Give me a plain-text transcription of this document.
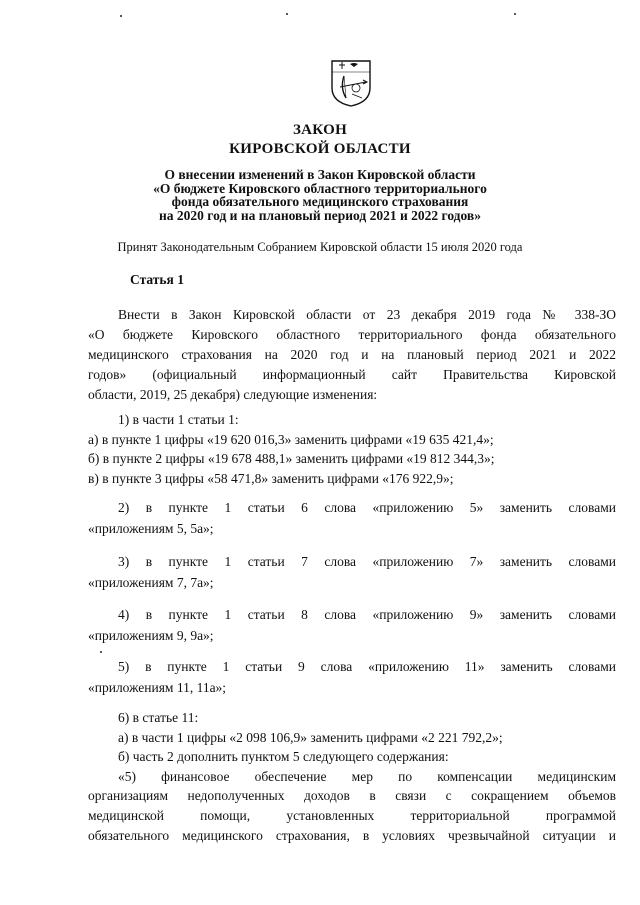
ЗАКОН
КИРОВСКОЙ ОБЛАСТИ
О внесении изменений в Закон Кировской области
«О бюджете Кировского областного территориального
фонда обязательного медицинского страхования
на 2020 год и на плановый период 2021 и 2022 годов»
Принят Законодательным Собранием Кировской области 15 июля 2020 года
Статья 1
Внести в Закон Кировской области от 23 декабря 2019 года № 338-ЗО
«О бюджете Кировского областного территориального фонда обязательного
медицинского страхования на 2020 год и на плановый период 2021 и 2022
годов» (официальный информационный сайт Правительства Кировской
области, 2019, 25 декабря) следующие изменения:
1) в части 1 статьи 1:
а) в пункте 1 цифры «19 620 016,3» заменить цифрами «19 635 421,4»;
б) в пункте 2 цифры «19 678 488,1» заменить цифрами «19 812 344,3»;
в) в пункте 3 цифры «58 471,8» заменить цифрами «176 922,9»;
2) в пункте 1 статьи 6 слова «приложению 5» заменить словами
«приложениям 5, 5а»;
3) в пункте 1 статьи 7 слова «приложению 7» заменить словами
«приложениям 7, 7а»;
4) в пункте 1 статьи 8 слова «приложению 9» заменить словами
«приложениям 9, 9а»;
5) в пункте 1 статьи 9 слова «приложению 11» заменить словами
«приложениям 11, 11а»;
6) в статье 11:
а) в части 1 цифры «2 098 106,9» заменить цифрами «2 221 792,2»;
б) часть 2 дополнить пунктом 5 следующего содержания:
«5) финансовое обеспечение мер по компенсации медицинским
организациям недополученных доходов в связи с сокращением объемов
медицинской помощи, установленных территориальной программой
обязательного медицинского страхования, в условиях чрезвычайной ситуации и
